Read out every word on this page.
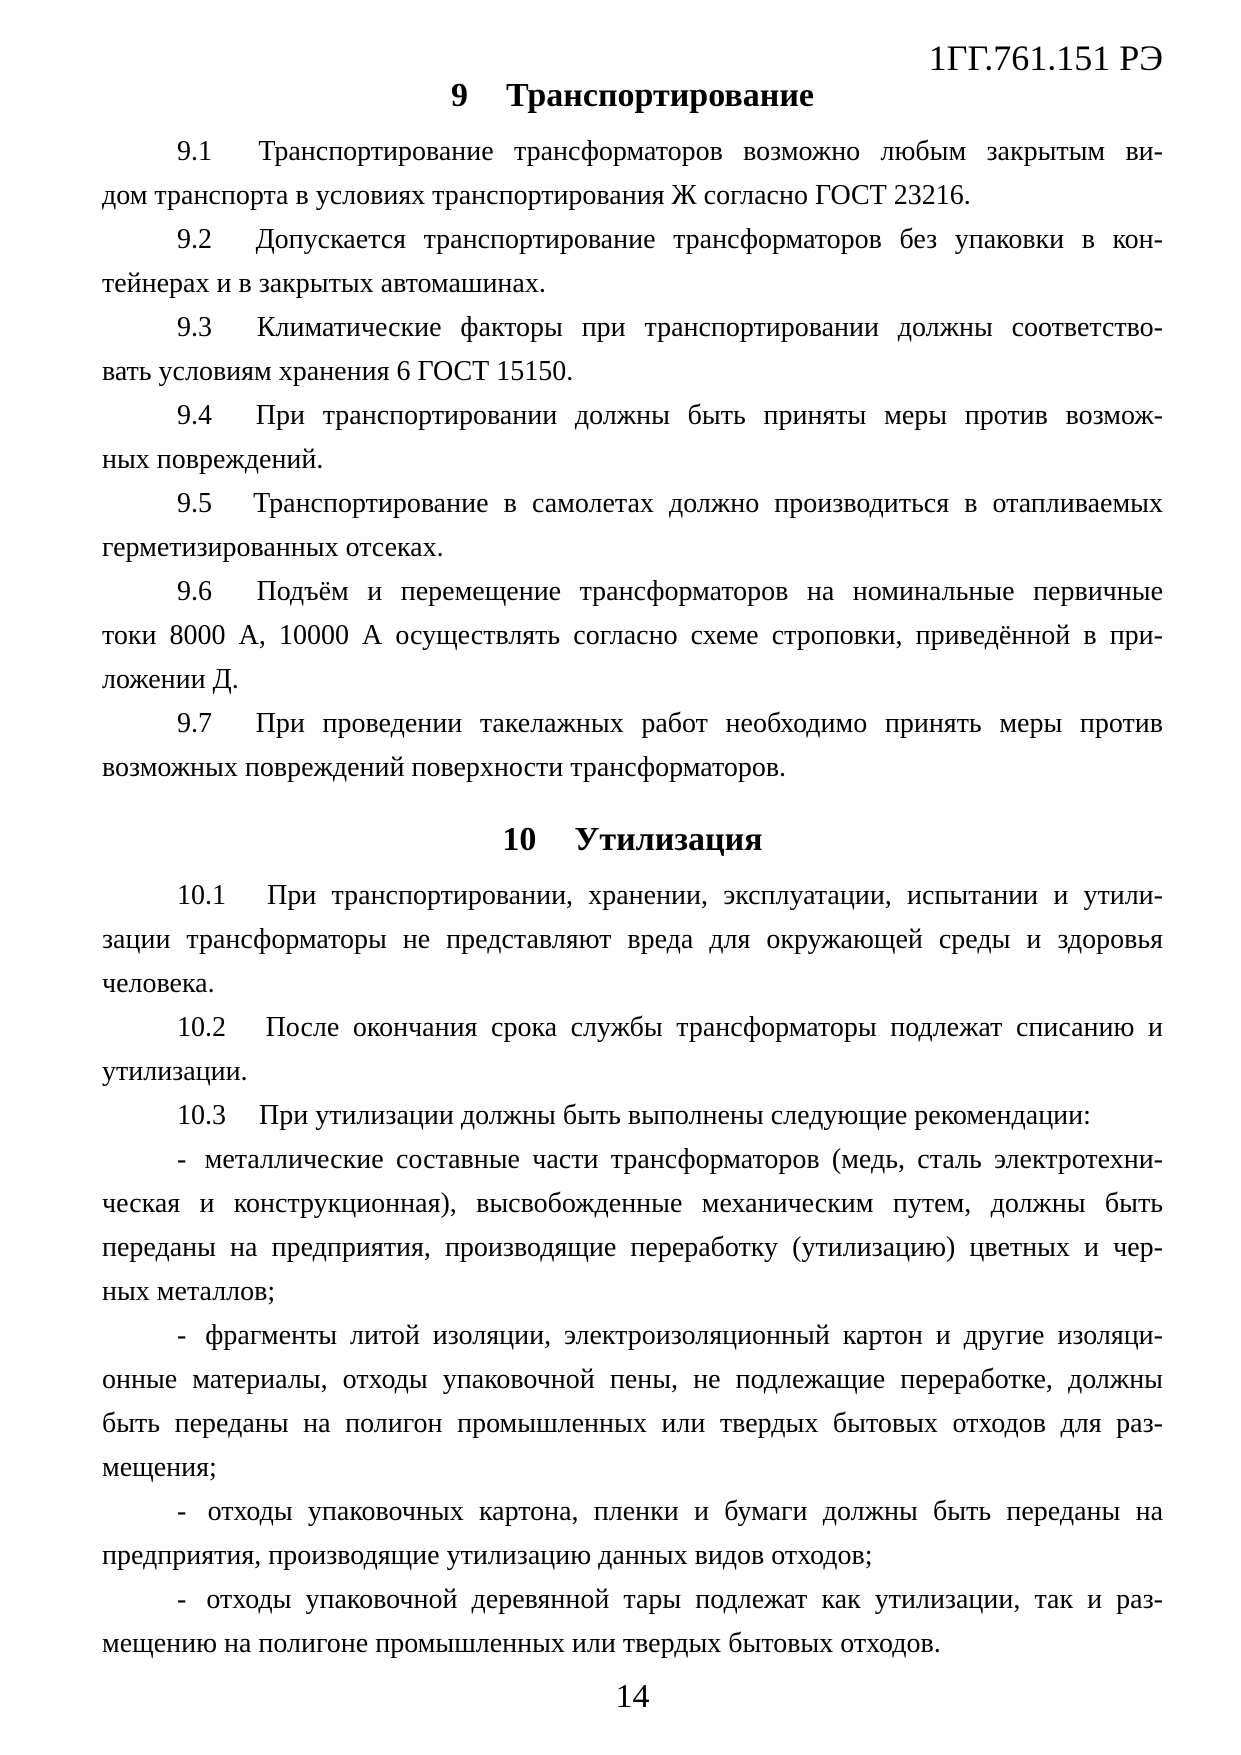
1ГГ.761.151 РЭ
9 Транспортирование
9.1 Транспортирование трансформаторов возможно любым закрытым ви-
дом транспорта в условиях транспортирования Ж согласно ГОСТ 23216.
9.2 Допускается транспортирование трансформаторов без упаковки в кон-
тейнерах и в закрытых автомашинах.
9.3 Климатические факторы при транспортировании должны соответство-
вать условиям хранения 6 ГОСТ 15150.
9.4 При транспортировании должны быть приняты меры против возмож-
ных повреждений.
9.5 Транспортирование в самолетах должно производиться в отапливаемых
герметизированных отсеках.
9.6 Подъём и перемещение трансформаторов на номинальные первичные
токи 8000 А, 10000 А осуществлять согласно схеме строповки, приведённой в при-
ложении Д.
9.7 При проведении такелажных работ необходимо принять меры против
возможных повреждений поверхности трансформаторов.
10 Утилизация
10.1 При транспортировании, хранении, эксплуатации, испытании и утили-
зации трансформаторы не представляют вреда для окружающей среды и здоровья
человека.
10.2 После окончания срока службы трансформаторы подлежат списанию и
утилизации.
10.3 При утилизации должны быть выполнены следующие рекомендации:
- металлические составные части трансформаторов (медь, сталь электротехни-
ческая и конструкционная), высвобожденные механическим путем, должны быть
переданы на предприятия, производящие переработку (утилизацию) цветных и чер-
ных металлов;
- фрагменты литой изоляции, электроизоляционный картон и другие изоляци-
онные материалы, отходы упаковочной пены, не подлежащие переработке, должны
быть переданы на полигон промышленных или твердых бытовых отходов для раз-
мещения;
- отходы упаковочных картона, пленки и бумаги должны быть переданы на
предприятия, производящие утилизацию данных видов отходов;
- отходы упаковочной деревянной тары подлежат как утилизации, так и раз-
мещению на полигоне промышленных или твердых бытовых отходов.
14
